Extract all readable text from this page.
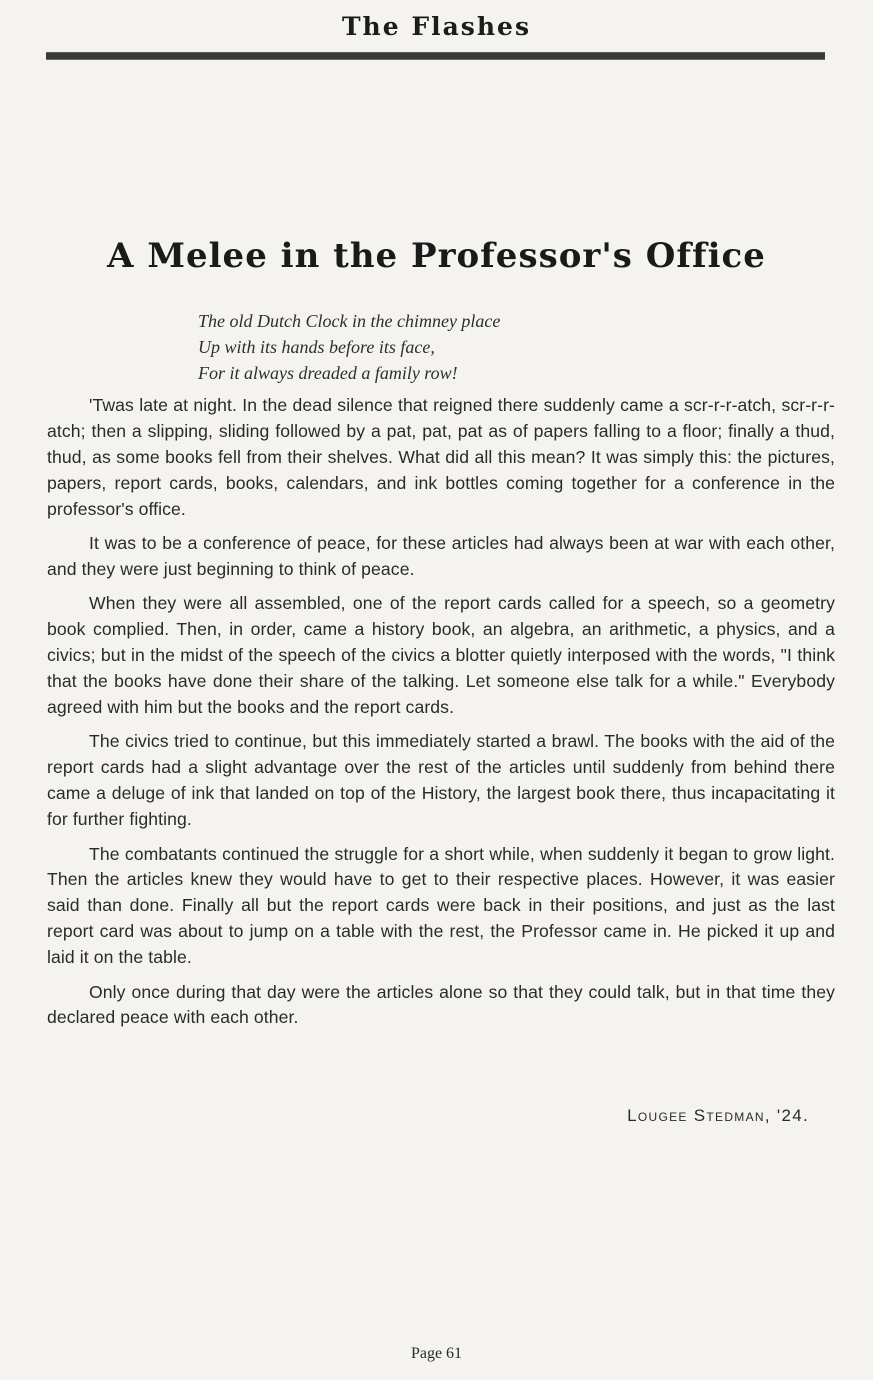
The Flashes
A Melee in the Professor's Office
The old Dutch Clock in the chimney place
Up with its hands before its face,
For it always dreaded a family row!

'Twas late at night. In the dead silence that reigned there suddenly came a scr-r-r-atch, scr-r-r-atch; then a slipping, sliding followed by a pat, pat, pat as of papers falling to a floor; finally a thud, thud, as some books fell from their shelves. What did all this mean? It was simply this: the pictures, papers, report cards, books, calendars, and ink bottles coming together for a conference in the professor's office.

It was to be a conference of peace, for these articles had always been at war with each other, and they were just beginning to think of peace.

When they were all assembled, one of the report cards called for a speech, so a geometry book complied. Then, in order, came a history book, an algebra, an arithmetic, a physics, and a civics; but in the midst of the speech of the civics a blotter quietly interposed with the words, "I think that the books have done their share of the talking. Let someone else talk for a while." Everybody agreed with him but the books and the report cards.

The civics tried to continue, but this immediately started a brawl. The books with the aid of the report cards had a slight advantage over the rest of the articles until suddenly from behind there came a deluge of ink that landed on top of the History, the largest book there, thus incapacitating it for further fighting.

The combatants continued the struggle for a short while, when suddenly it began to grow light. Then the articles knew they would have to get to their respective places. However, it was easier said than done. Finally all but the report cards were back in their positions, and just as the last report card was about to jump on a table with the rest, the Professor came in. He picked it up and laid it on the table.

Only once during that day were the articles alone so that they could talk, but in that time they declared peace with each other.

Lougee Stedman, '24.
Page 61
